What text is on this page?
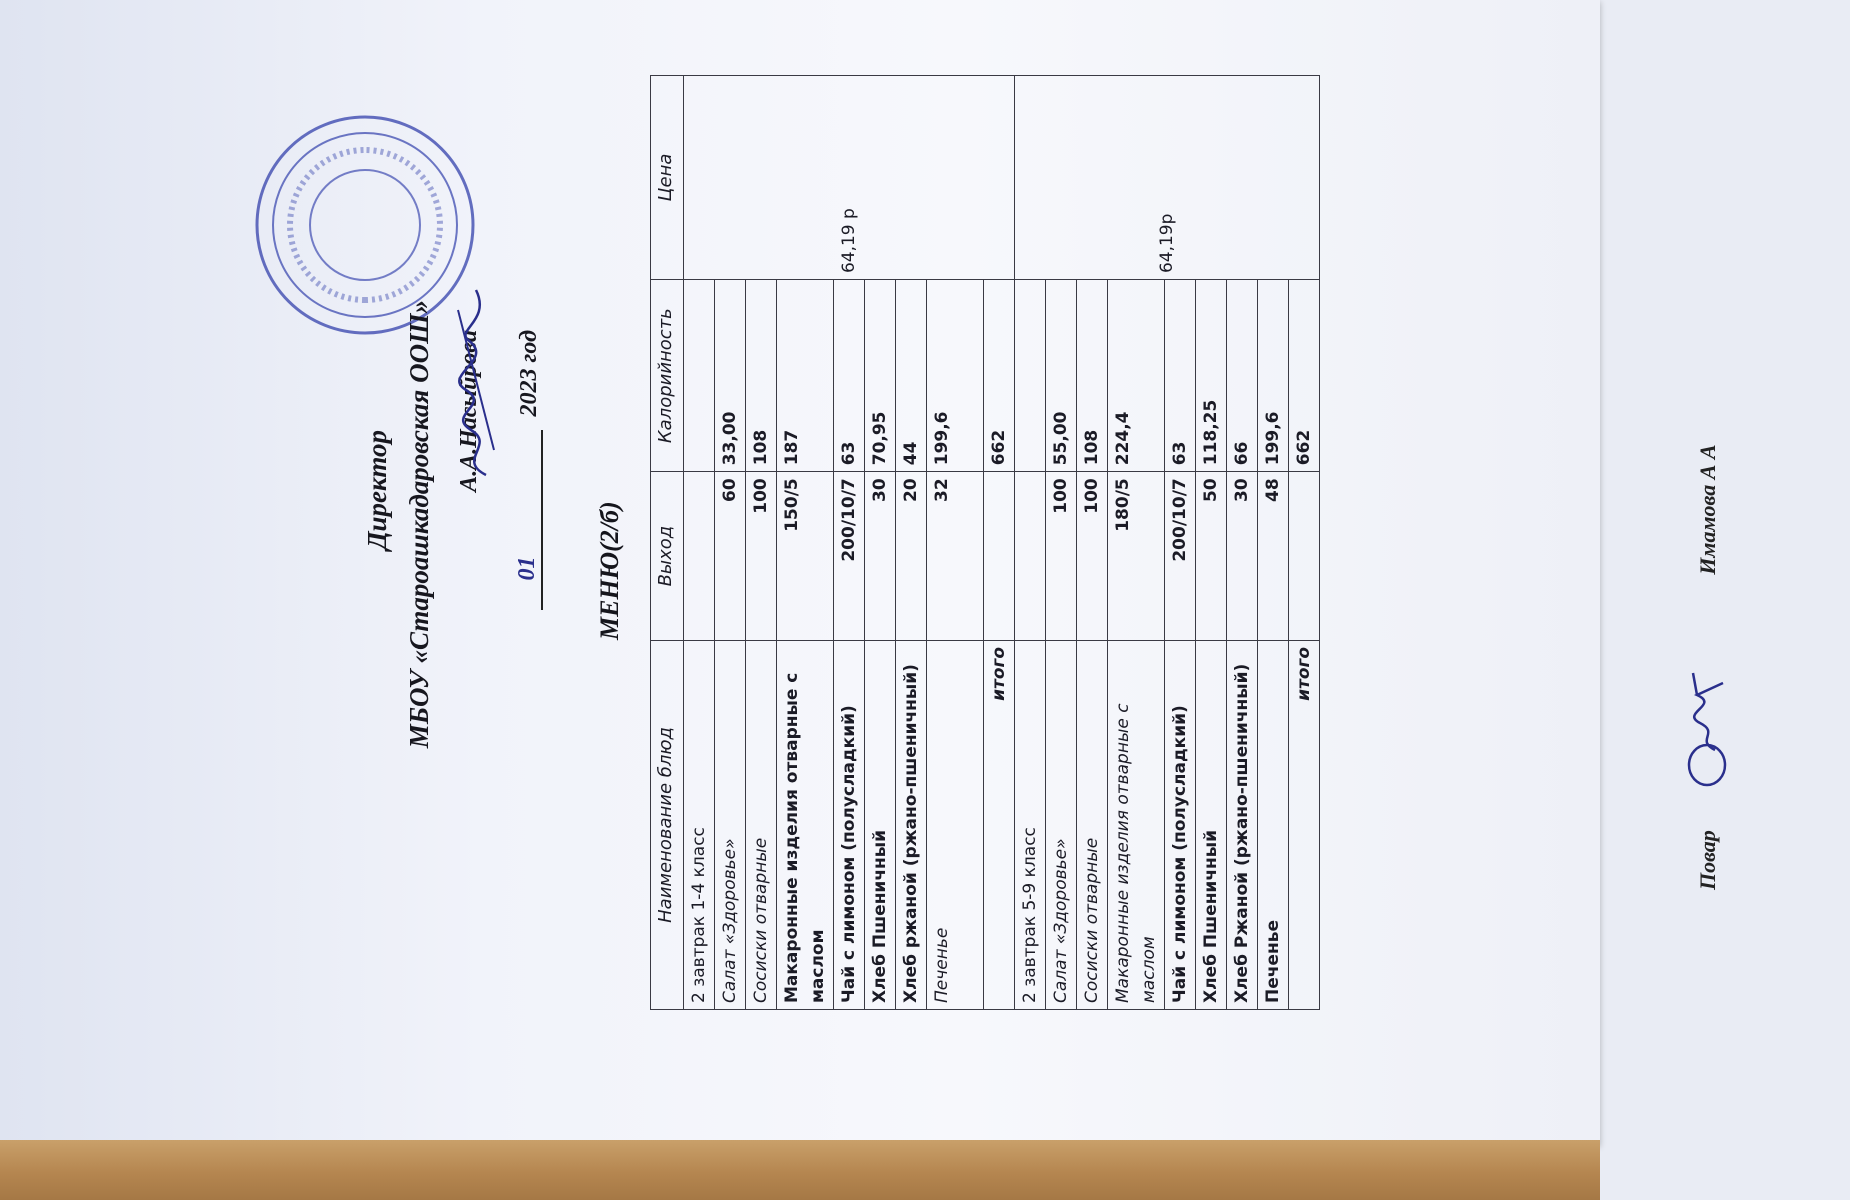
Директор МБОУ «Староашкадаровская ООШ» А.А.Насыйрова
012023 год
МЕНЮ(2/б)
Наименование блюд	Выход	Калорийность	Цена
2 завтрак 1-4 класс			64,19 р
Салат «Здоровье»	60	33,00	
Сосиски отварные	100	108	
Макаронные изделия отварные с маслом	150/5	187	
Чай с лимоном (полусладкий)	200/10/7	63	
Хлеб Пшеничный	30	70,95	
Хлеб ржаной (ржано-пшеничный)	20	44	
Печенье	32	199,6	
итого		662	
2 завтрак 5-9 класс			64,19р
Салат «Здоровье»	100	55,00	
Сосиски отварные	100	108	
Макаронные изделия отварные с маслом	180/5	224,4	
Чай с лимоном (полусладкий)	200/10/7	63	
Хлеб Пшеничный	50	118,25	
Хлеб Ржаной (ржано-пшеничный)	30	66	
Печенье	48	199,6	
итого		662	
Повар Имамова А А
